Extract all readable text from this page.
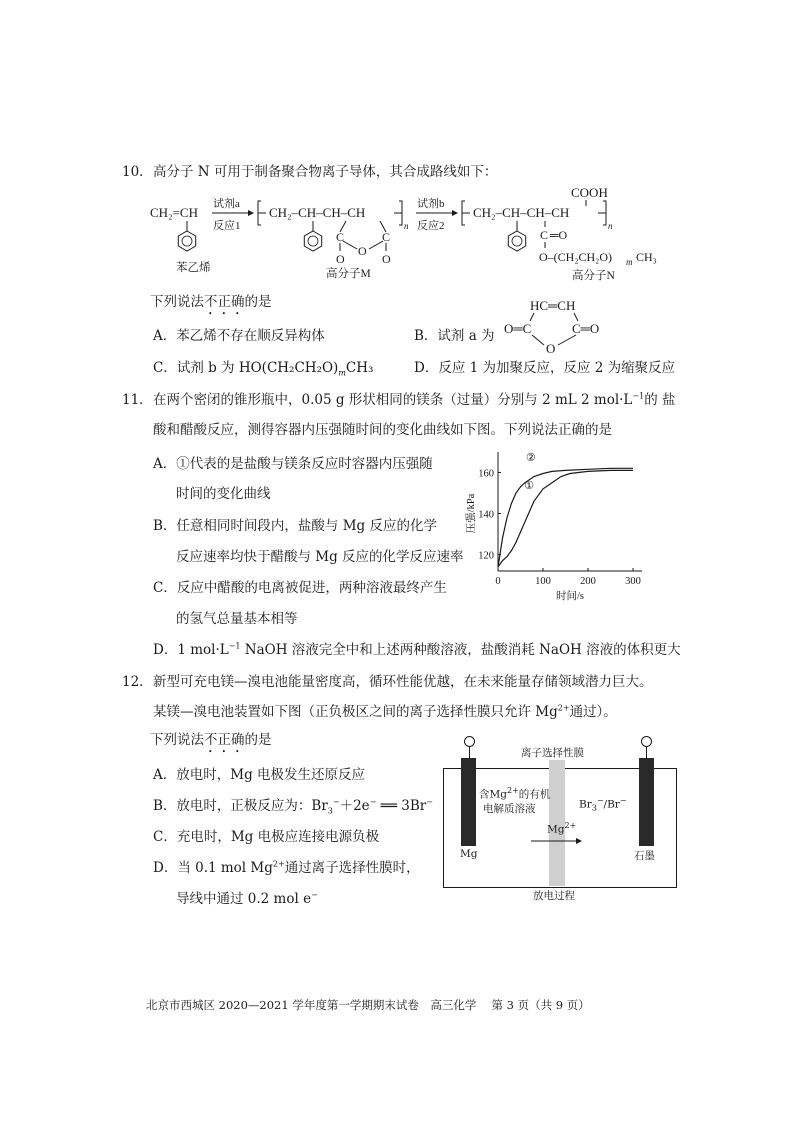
10． 高分子 N 可用于制备聚合物离子导体，其合成路线如下：
CH₂=CH
苯乙烯
试剂a
反应1
CH₂–CH–CH–CH
n
C	C
O
O	O
高分子M
试剂b
反应2
CH₂–CH–CH–CH
n
COOH
C ═O
O–(CH₂CH₂O) m CH₃
高分子N
下列说法不正确的是
A．苯乙烯不存在顺反异构体	B．试剂 a 为
HC═CH
O═C	C═O
O
C．试剂 b 为 $HO(CH_2CH_2O)_mCH_3$	D．反应 1 为加聚反应，反应 2 为缩聚反应
11． 在两个密闭的锥形瓶中，0.05 g 形状相同的镁条（过量）分别与 2 mL 2 $mol\cdot L^{-1}$的 盐
酸和醋酸反应，测得容器内压强随时间的变化曲线如下图。下列说法正确的是
A．①代表的是盐酸与镁条反应时容器内压强随
时间的变化曲线
B．任意相同时间段内，盐酸与 Mg 反应的化学
反应速率均快于醋酸与 Mg 反应的化学反应速率
C．反应中醋酸的电离被促进，两种溶液最终产生
的氢气总量基本相等
D．1 $mol\cdot L^{-1}$ NaOH 溶液完全中和上述两种酸溶液，盐酸消耗 NaOH 溶液的体积更大
0	100	200	300
120
140
160
时间/s
压强/kPa
②
①
12． 新型可充电镁—溴电池能量密度高，循环性能优越，在未来能量存储领域潜力巨大。
某镁—溴电池装置如下图（正负极区之间的离子选择性膜只允许 $Mg^{2+}$通过）。
下列说法不正确的是
A．放电时，Mg 电极发生还原反应
B．放电时，正极反应为：$Br_3^-+2e^-$ ══ 3Br−
C．充电时，Mg 电极应连接电源负极
D．当 0.1 mol $Mg^{2+}$通过离子选择性膜时，
导线中通过 0.2 mol e−
离子选择性膜
含$Mg^{2+}$的有机
电解质溶液	$Br_3^-/Br^-$
$Mg^{2+}$
Mg	石墨
放电过程
北京市西城区 2020—2021 学年度第一学期期末试卷　高三化学　 第 3 页（共 9 页）
